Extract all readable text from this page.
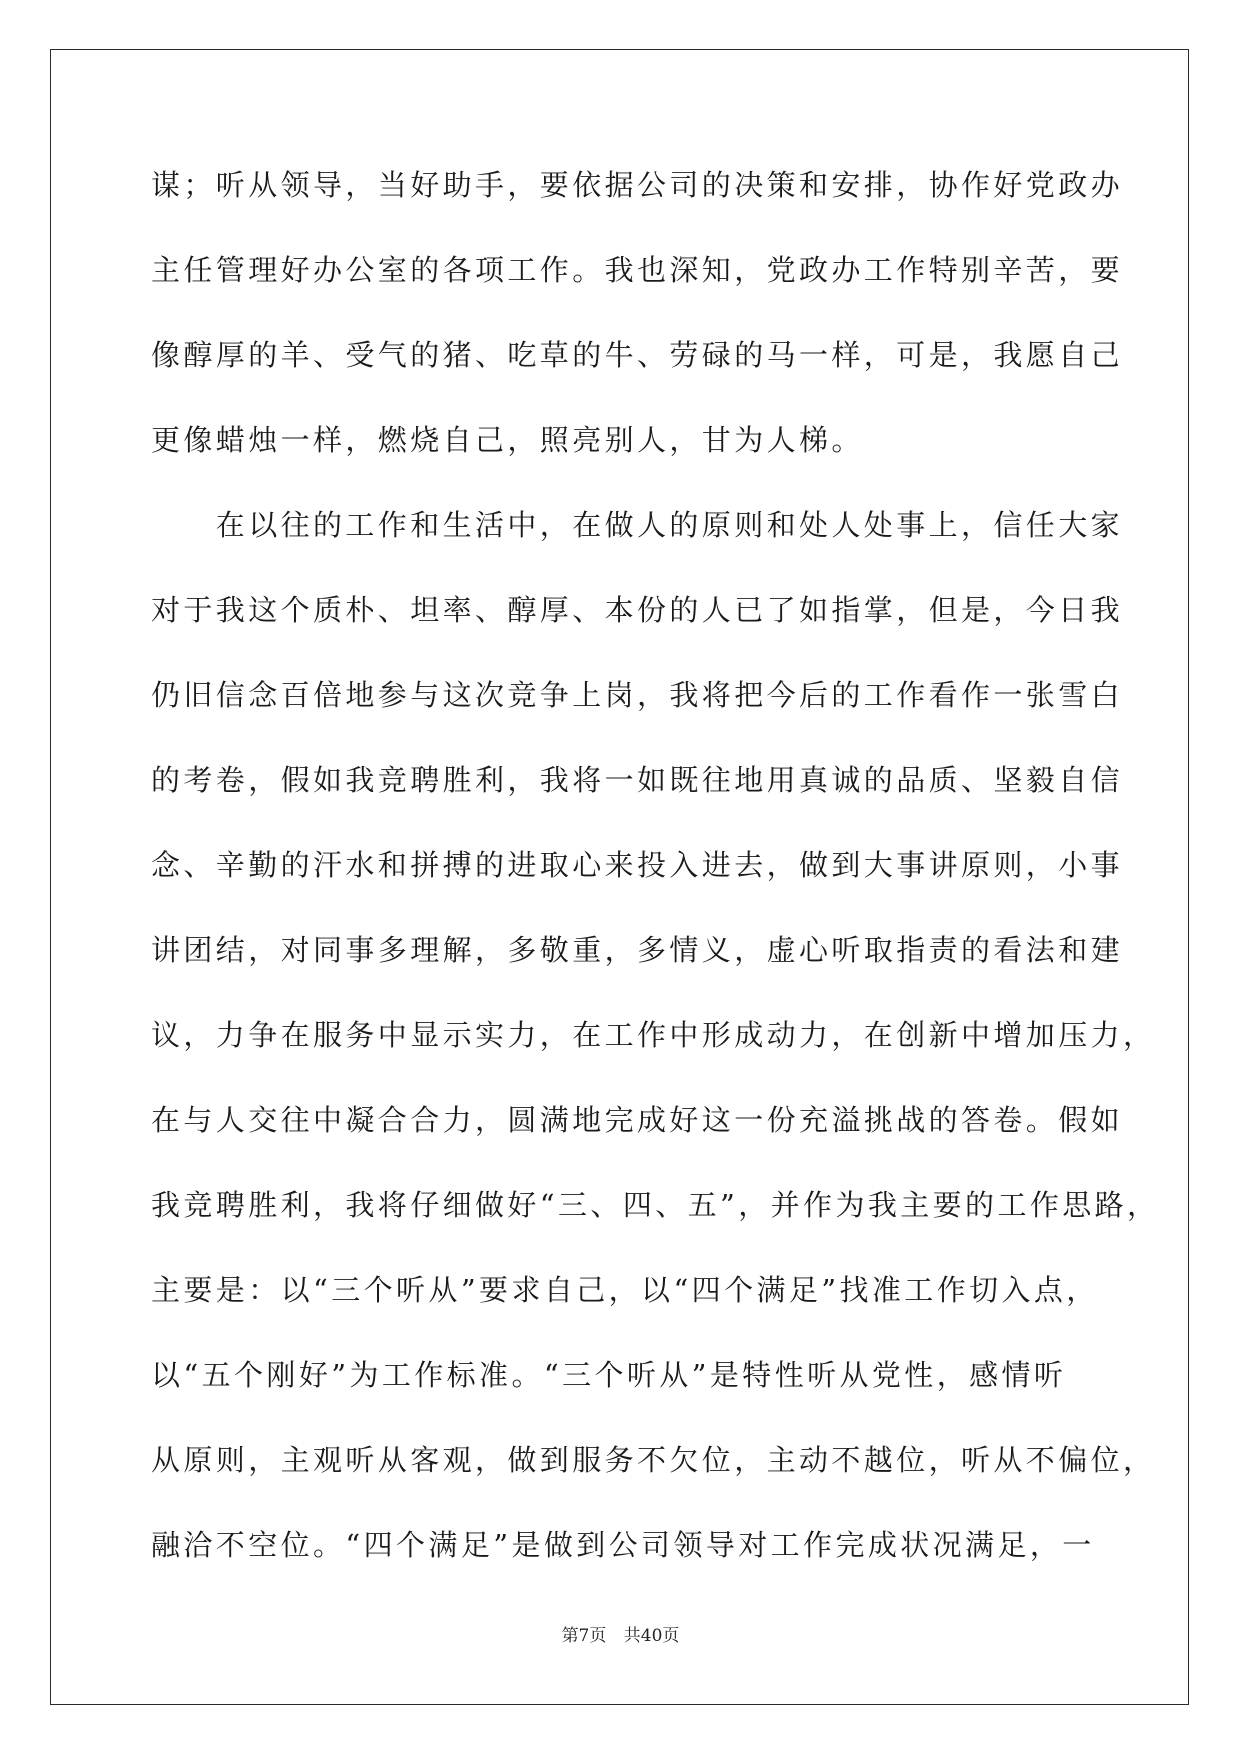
谋；听从领导，当好助手，要依据公司的决策和安排，协作好党政办
主任管理好办公室的各项工作。我也深知，党政办工作特别辛苦，要
像醇厚的羊、受气的猪、吃草的牛、劳碌的马一样，可是，我愿自己
更像蜡烛一样，燃烧自己，照亮别人，甘为人梯。
　　在以往的工作和生活中，在做人的原则和处人处事上，信任大家
对于我这个质朴、坦率、醇厚、本份的人已了如指掌，但是，今日我
仍旧信念百倍地参与这次竞争上岗，我将把今后的工作看作一张雪白
的考卷，假如我竞聘胜利，我将一如既往地用真诚的品质、坚毅自信
念、辛勤的汗水和拼搏的进取心来投入进去，做到大事讲原则，小事
讲团结，对同事多理解，多敬重，多情义，虚心听取指责的看法和建
议，力争在服务中显示实力，在工作中形成动力，在创新中增加压力，
在与人交往中凝合合力，圆满地完成好这一份充溢挑战的答卷。假如
我竞聘胜利，我将仔细做好“三、四、五”，并作为我主要的工作思路，
主要是：以“三个听从”要求自己，以“四个满足”找准工作切入点，
以“五个刚好”为工作标准。“三个听从”是特性听从党性，感情听
从原则，主观听从客观，做到服务不欠位，主动不越位，听从不偏位，
融洽不空位。“四个满足”是做到公司领导对工作完成状况满足，一
第7页 共40页
